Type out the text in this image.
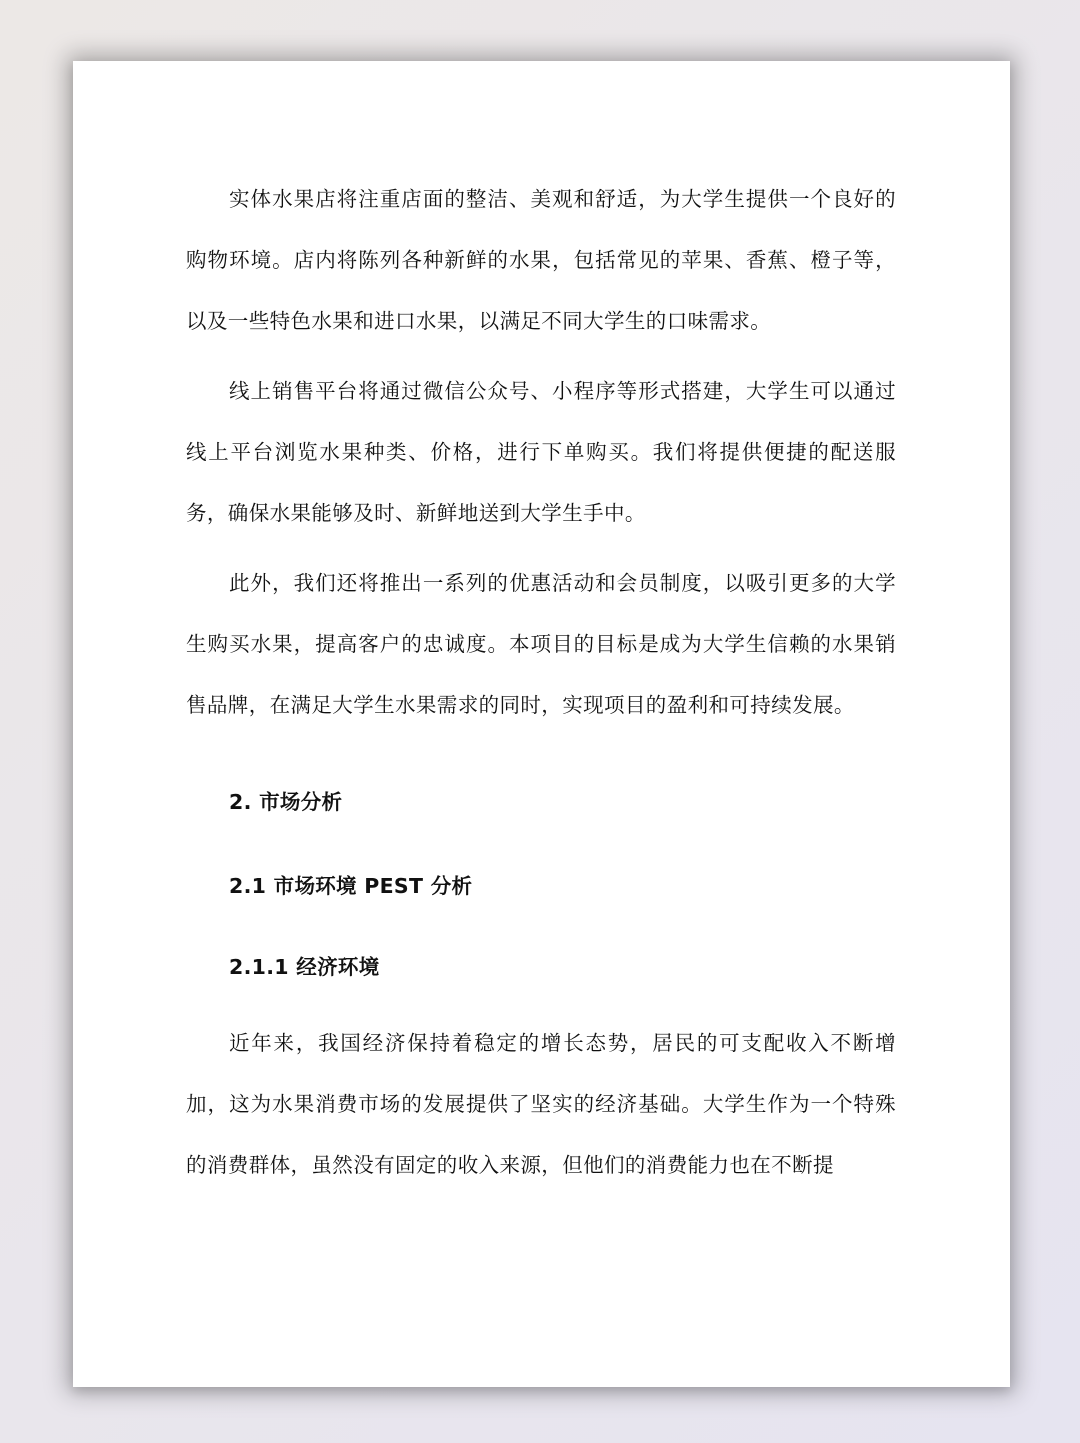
实体水果店将注重店面的整洁、美观和舒适，为大学生提供一个良好的购物环境。店内将陈列各种新鲜的水果，包括常见的苹果、香蕉、橙子等，以及一些特色水果和进口水果，以满足不同大学生的口味需求。

线上销售平台将通过微信公众号、小程序等形式搭建，大学生可以通过线上平台浏览水果种类、价格，进行下单购买。我们将提供便捷的配送服务，确保水果能够及时、新鲜地送到大学生手中。

此外，我们还将推出一系列的优惠活动和会员制度，以吸引更多的大学生购买水果，提高客户的忠诚度。本项目的目标是成为大学生信赖的水果销售品牌，在满足大学生水果需求的同时，实现项目的盈利和可持续发展。

2. 市场分析
2.1 市场环境 PEST 分析
2.1.1 经济环境

近年来，我国经济保持着稳定的增长态势，居民的可支配收入不断增加，这为水果消费市场的发展提供了坚实的经济基础。大学生作为一个特殊的消费群体，虽然没有固定的收入来源，但他们的消费能力也在不断提
